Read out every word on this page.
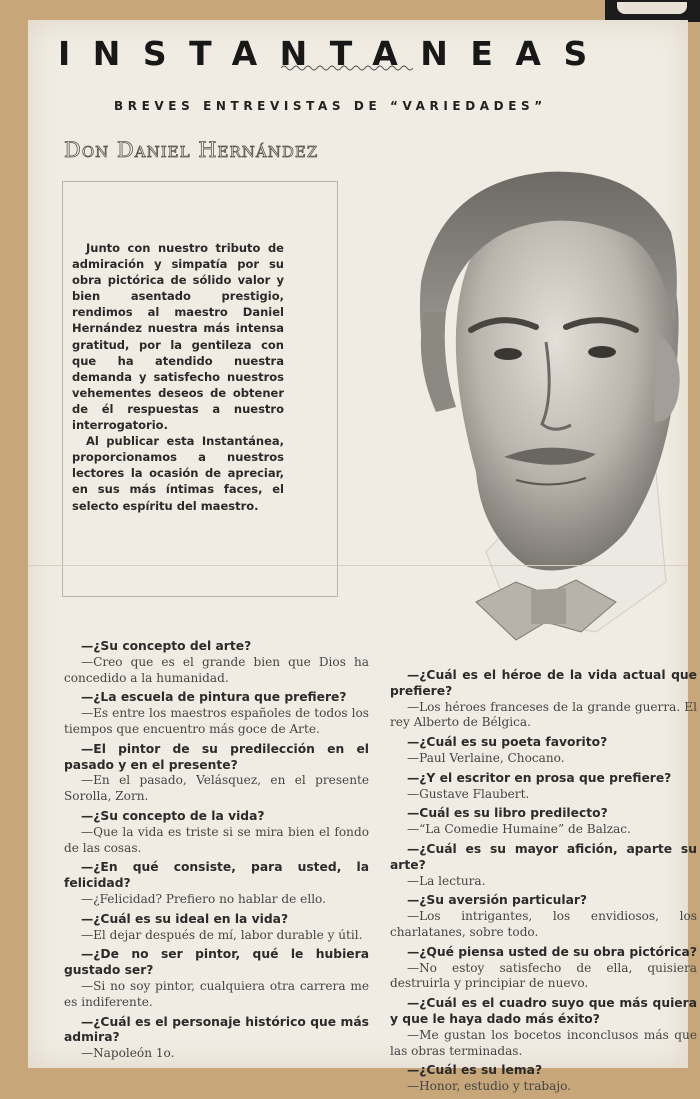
INSTANTANEAS
BREVES ENTREVISTAS DE “VARIEDADES”
Don Daniel Hernández

—¿Su concepto del arte?

—Creo que es el grande bien que Dios ha concedido a la humanidad.

—¿La escuela de pintura que prefiere?

—Es entre los maestros españoles de todos los tiempos que encuentro más goce de Arte.

—El pintor de su predilección en el pasado y en el presente?

—En el pasado, Velásquez, en el presente Sorolla, Zorn.

—¿Su concepto de la vida?

—Que la vida es triste si se mira bien el fondo de las cosas.

—¿En qué consiste, para usted, la felicidad?

—¿Felicidad? Prefiero no hablar de ello.

—¿Cuál es su ideal en la vida?

—El dejar después de mí, labor durable y útil.

—¿De no ser pintor, qué le hubiera gustado ser?

—Si no soy pintor, cualquiera otra carrera me es indiferente.

—¿Cuál es el personaje histórico que más admira?

—Napoleón 1o.

—¿Cuál es el héroe de la vida actual que prefiere?

—Los héroes franceses de la grande guerra. El rey Alberto de Bélgica.

—¿Cuál es su poeta favorito?

—Paul Verlaine, Chocano.

—¿Y el escritor en prosa que prefiere?

—Gustave Flaubert.

—Cuál es su libro predilecto?

—“La Comedie Humaine” de Balzac.

—¿Cuál es su mayor afición, aparte su arte?

—La lectura.

—¿Su aversión particular?

—Los intrigantes, los envidiosos, los charlatanes, sobre todo.

—¿Qué piensa usted de su obra pictórica?

—No estoy satisfecho de ella, quisiera destruirla y principiar de nuevo.

—¿Cuál es el cuadro suyo que más quiera y que le haya dado más éxito?

—Me gustan los bocetos inconclusos más que las obras terminadas.

—¿Cuál es su lema?

—Honor, estudio y trabajo.

Junto con nuestro tributo de admiración y simpatía por su obra pictórica de sólido valor y bien asentado prestigio, rendimos al maestro Daniel Hernández nuestra más intensa gratitud, por la gentileza con que ha atendido nuestra demanda y satisfecho nuestros vehementes deseos de obtener de él respuestas a nuestro interrogatorio.

Al publicar esta Instantánea, proporcionamos a nuestros lectores la ocasión de apreciar, en sus más íntimas faces, el selecto espíritu del maestro.
